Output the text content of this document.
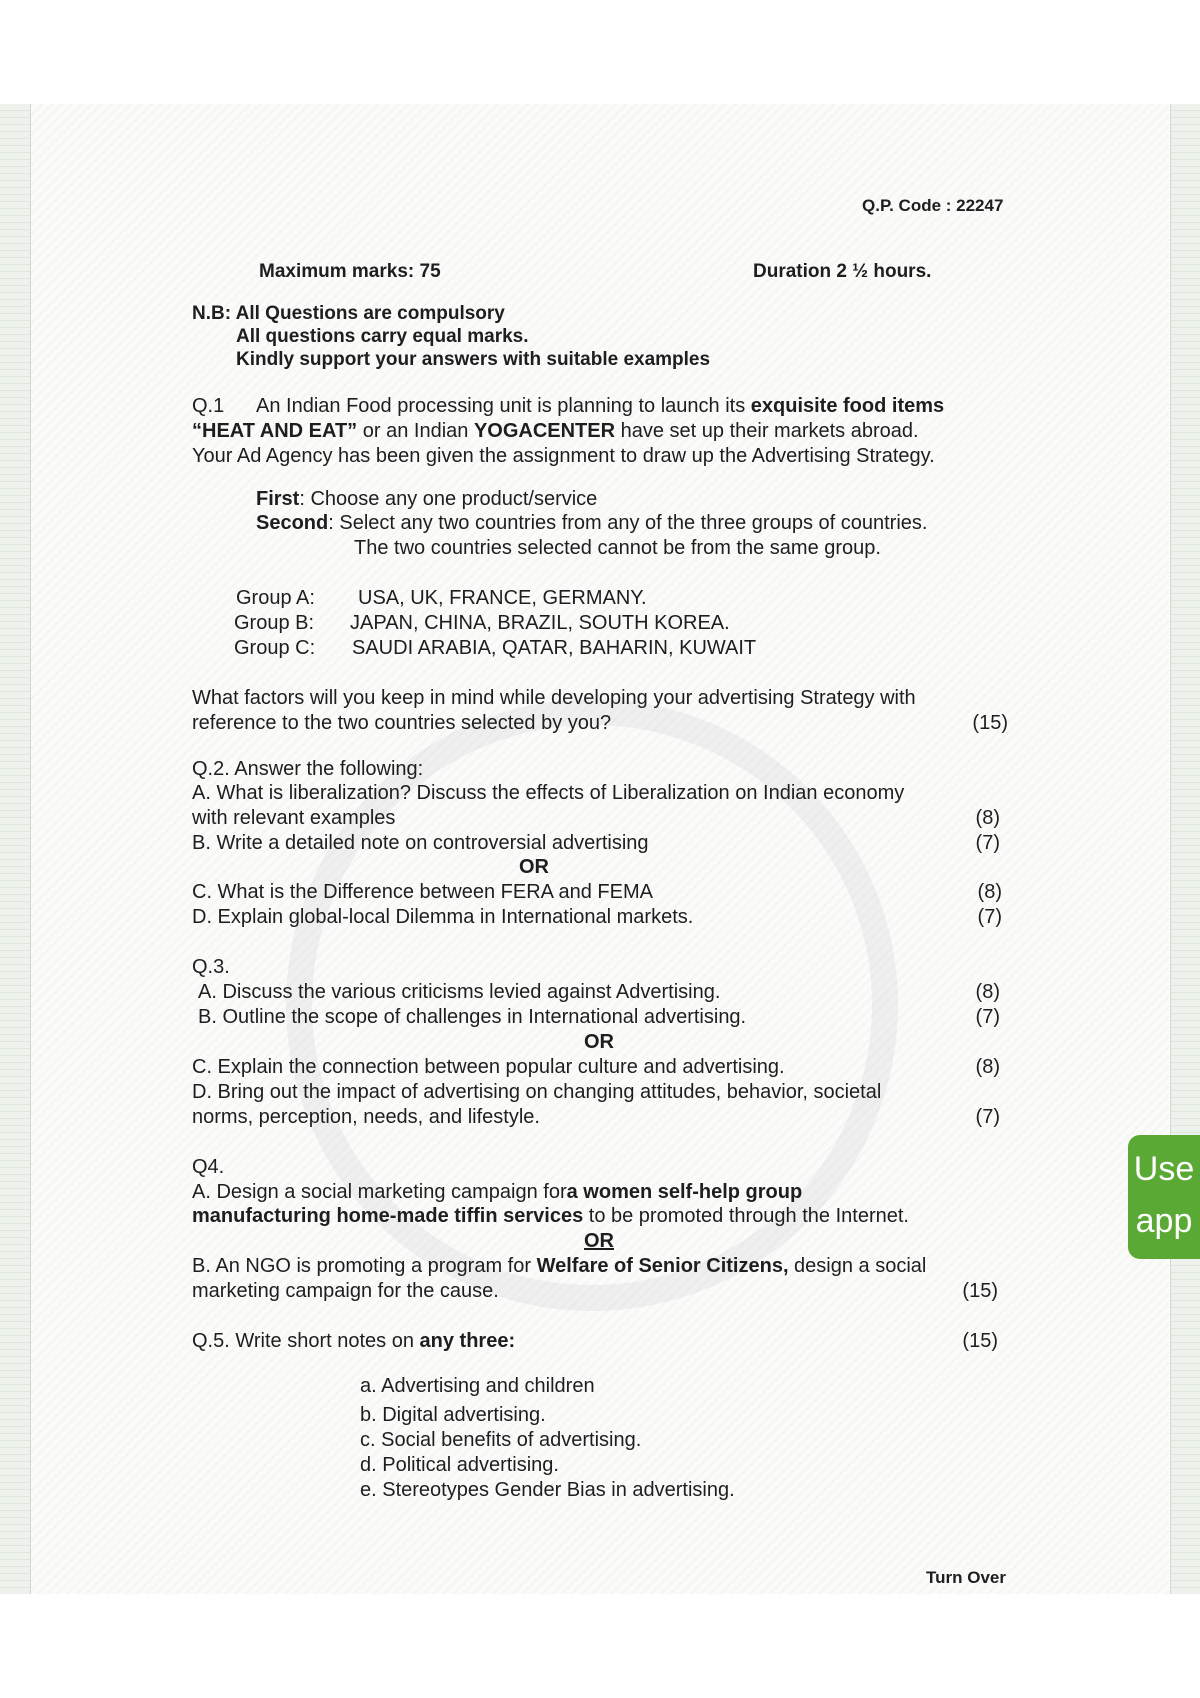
Q.P. Code : 22247
Maximum marks: 75	Duration 2 ½ hours.
N.B: All Questions are compulsory
All questions carry equal marks.
Kindly support your answers with suitable examples
Q.1 An Indian Food processing unit is planning to launch its exquisite food items
“HEAT AND EAT” or an Indian YOGACENTER have set up their markets abroad.
Your Ad Agency has been given the assignment to draw up the Advertising Strategy.
First: Choose any one product/service
Second: Select any two countries from any of the three groups of countries.
The two countries selected cannot be from the same group.
Group A: USA, UK, FRANCE, GERMANY.
Group B: JAPAN, CHINA, BRAZIL, SOUTH KOREA.
Group C: SAUDI ARABIA, QATAR, BAHARIN, KUWAIT
What factors will you keep in mind while developing your advertising Strategy with
reference to the two countries selected by you?	(15)
Q.2. Answer the following:
A. What is liberalization? Discuss the effects of Liberalization on Indian economy
with relevant examples	(8)
B. Write a detailed note on controversial advertising	(7)
OR
C. What is the Difference between FERA and FEMA	(8)
D. Explain global-local Dilemma in International markets.	(7)
Q.3.
A. Discuss the various criticisms levied against Advertising.	(8)
B. Outline the scope of challenges in International advertising.	(7)
OR
C. Explain the connection between popular culture and advertising.	(8)
D. Bring out the impact of advertising on changing attitudes, behavior, societal
norms, perception, needs, and lifestyle.	(7)
Q4.
A. Design a social marketing campaign fora women self-help group
manufacturing home-made tiffin services to be promoted through the Internet.
OR
B. An NGO is promoting a program for Welfare of Senior Citizens, design a social
marketing campaign for the cause.	(15)
Q.5. Write short notes on any three:	(15)
a. Advertising and children
b. Digital advertising.
c. Social benefits of advertising.
d. Political advertising.
e. Stereotypes Gender Bias in advertising.
Turn Over
Use
app
